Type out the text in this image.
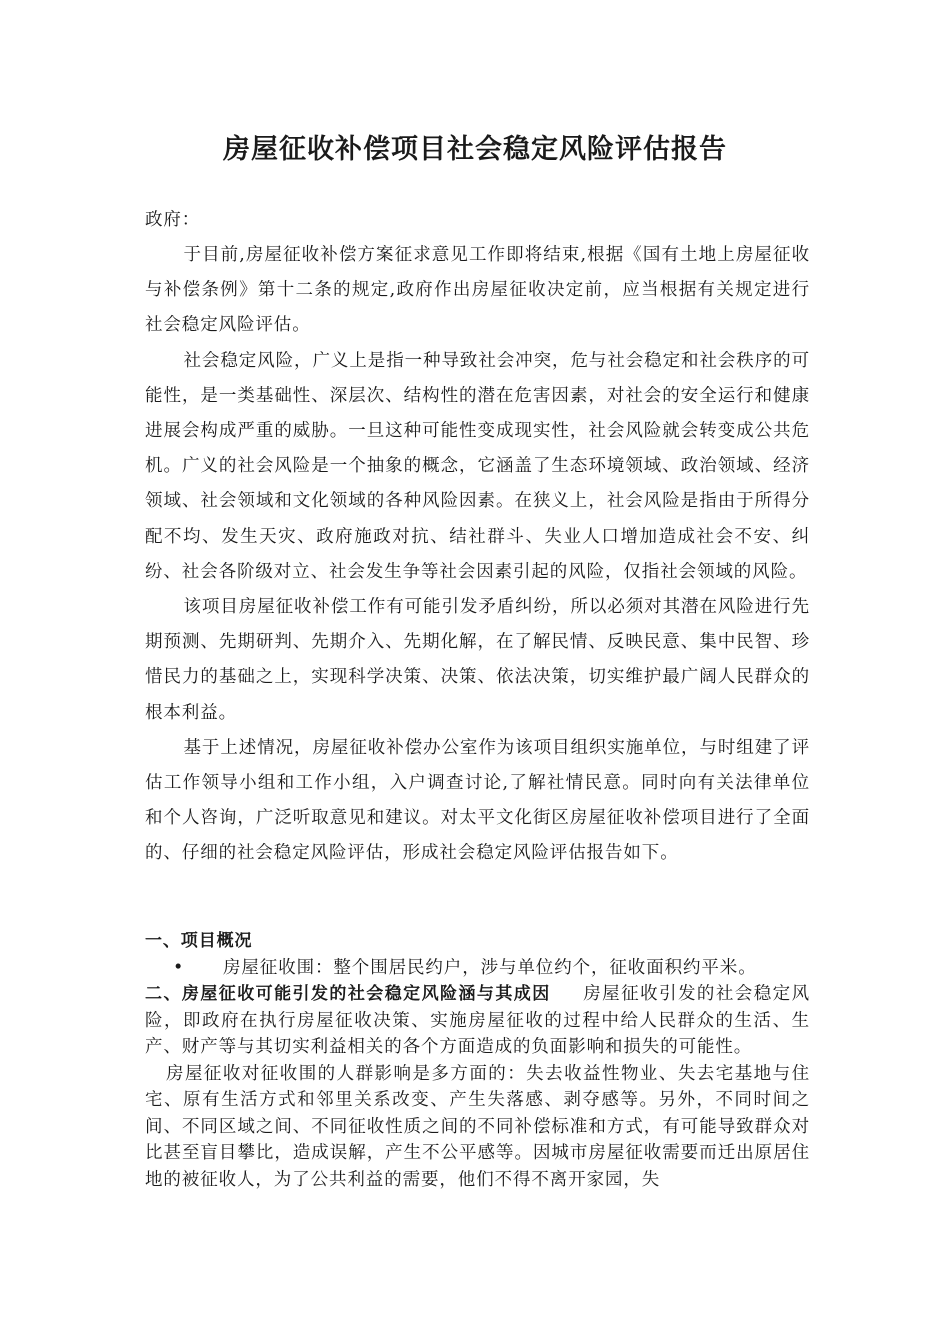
房屋征收补偿项目社会稳定风险评估报告

政府：

于目前,房屋征收补偿方案征求意见工作即将结束,根据《国有土地上房屋征收与补偿条例》第十二条的规定,政府作出房屋征收决定前，应当根据有关规定进行社会稳定风险评估。

社会稳定风险，广义上是指一种导致社会冲突，危与社会稳定和社会秩序的可能性，是一类基础性、深层次、结构性的潜在危害因素，对社会的安全运行和健康进展会构成严重的威胁。一旦这种可能性变成现实性，社会风险就会转变成公共危机。广义的社会风险是一个抽象的概念，它涵盖了生态环境领域、政治领域、经济领域、社会领域和文化领域的各种风险因素。在狭义上，社会风险是指由于所得分配不均、发生天灾、政府施政对抗、结社群斗、失业人口增加造成社会不安、纠纷、社会各阶级对立、社会发生争等社会因素引起的风险，仅指社会领域的风险。

该项目房屋征收补偿工作有可能引发矛盾纠纷，所以必须对其潜在风险进行先期预测、先期研判、先期介入、先期化解，在了解民情、反映民意、集中民智、珍惜民力的基础之上，实现科学决策、决策、依法决策，切实维护最广阔人民群众的根本利益。

基于上述情况，房屋征收补偿办公室作为该项目组织实施单位，与时组建了评估工作领导小组和工作小组，入户调查讨论,了解社情民意。同时向有关法律单位和个人咨询，广泛听取意见和建议。对太平文化街区房屋征收补偿项目进行了全面的、仔细的社会稳定风险评估，形成社会稳定风险评估报告如下。

一、项目概况

•	房屋征收围：整个围居民约户，涉与单位约个，征收面积约平米。

二、房屋征收可能引发的社会稳定风险涵与其成因 房屋征收引发的社会稳定风险，即政府在执行房屋征收决策、实施房屋征收的过程中给人民群众的生活、生产、财产等与其切实利益相关的各个方面造成的负面影响和损失的可能性。

房屋征收对征收围的人群影响是多方面的：失去收益性物业、失去宅基地与住宅、原有生活方式和邻里关系改变、产生失落感、剥夺感等。另外，不同时间之间、不同区域之间、不同征收性质之间的不同补偿标准和方式，有可能导致群众对比甚至盲目攀比，造成误解，产生不公平感等。因城市房屋征收需要而迁出原居住地的被征收人，为了公共利益的需要，他们不得不离开家园，失
